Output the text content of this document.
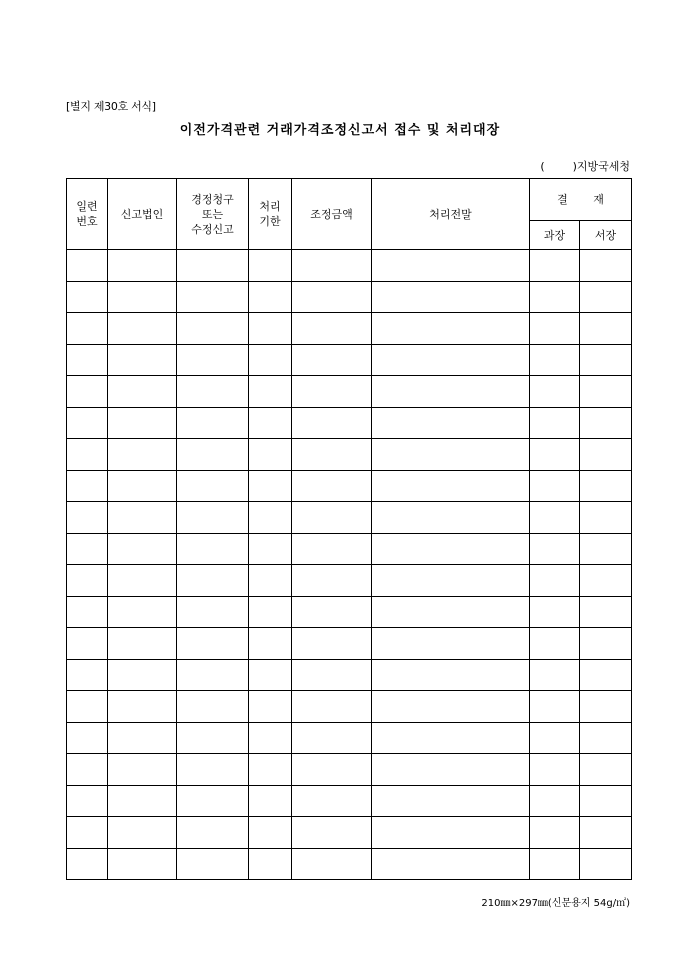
[별지 제30호 서식]
이전가격관련 거래가격조정신고서 접수 및 처리대장
(        )지방국세청
일련
번호	신고법인	경정청구
또는
수정신고	처리
기한	조정금액	처리전말	결 재	
						과장	서장

210㎜×297㎜(신문용지 54g/㎡)
